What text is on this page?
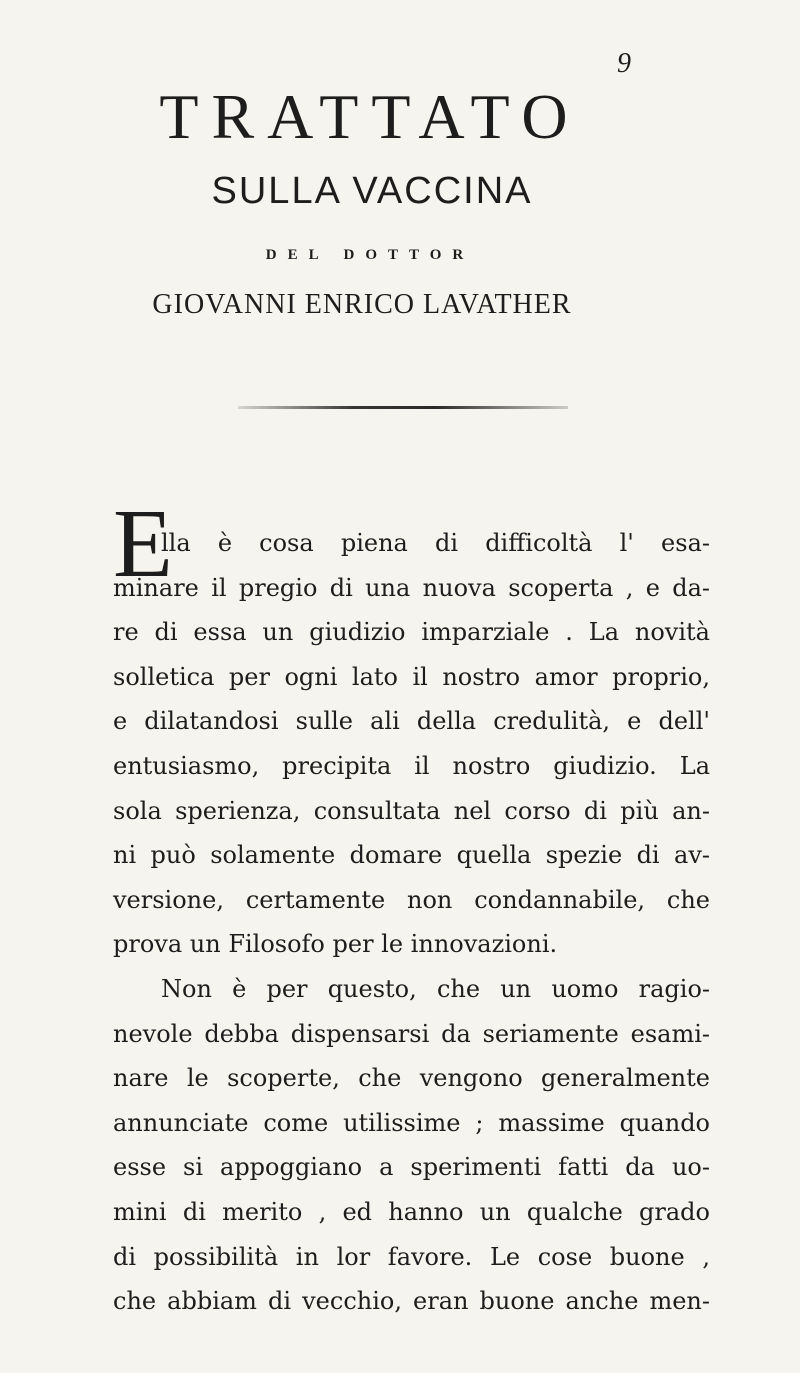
9
TRATTATO
SULLA VACCINA
DEL DOTTOR
GIOVANNI ENRICO LAVATHER
E
lla è cosa piena di difficoltà l' esa-
minare il pregio di una nuova scoperta , e da-
re di essa un giudizio imparziale . La novità
solletica per ogni lato il nostro amor proprio,
e dilatandosi sulle ali della credulità, e dell'
entusiasmo, precipita il nostro giudizio. La
sola sperienza, consultata nel corso di più an-
ni può solamente domare quella spezie di av-
versione, certamente non condannabile, che
prova un Filosofo per le innovazioni.
Non è per questo, che un uomo ragio-
nevole debba dispensarsi da seriamente esami-
nare le scoperte, che vengono generalmente
annunciate come utilissime ; massime quando
esse si appoggiano a sperimenti fatti da uo-
mini di merito , ed hanno un qualche grado
di possibilità in lor favore. Le cose buone ,
che abbiam di vecchio, eran buone anche men-
